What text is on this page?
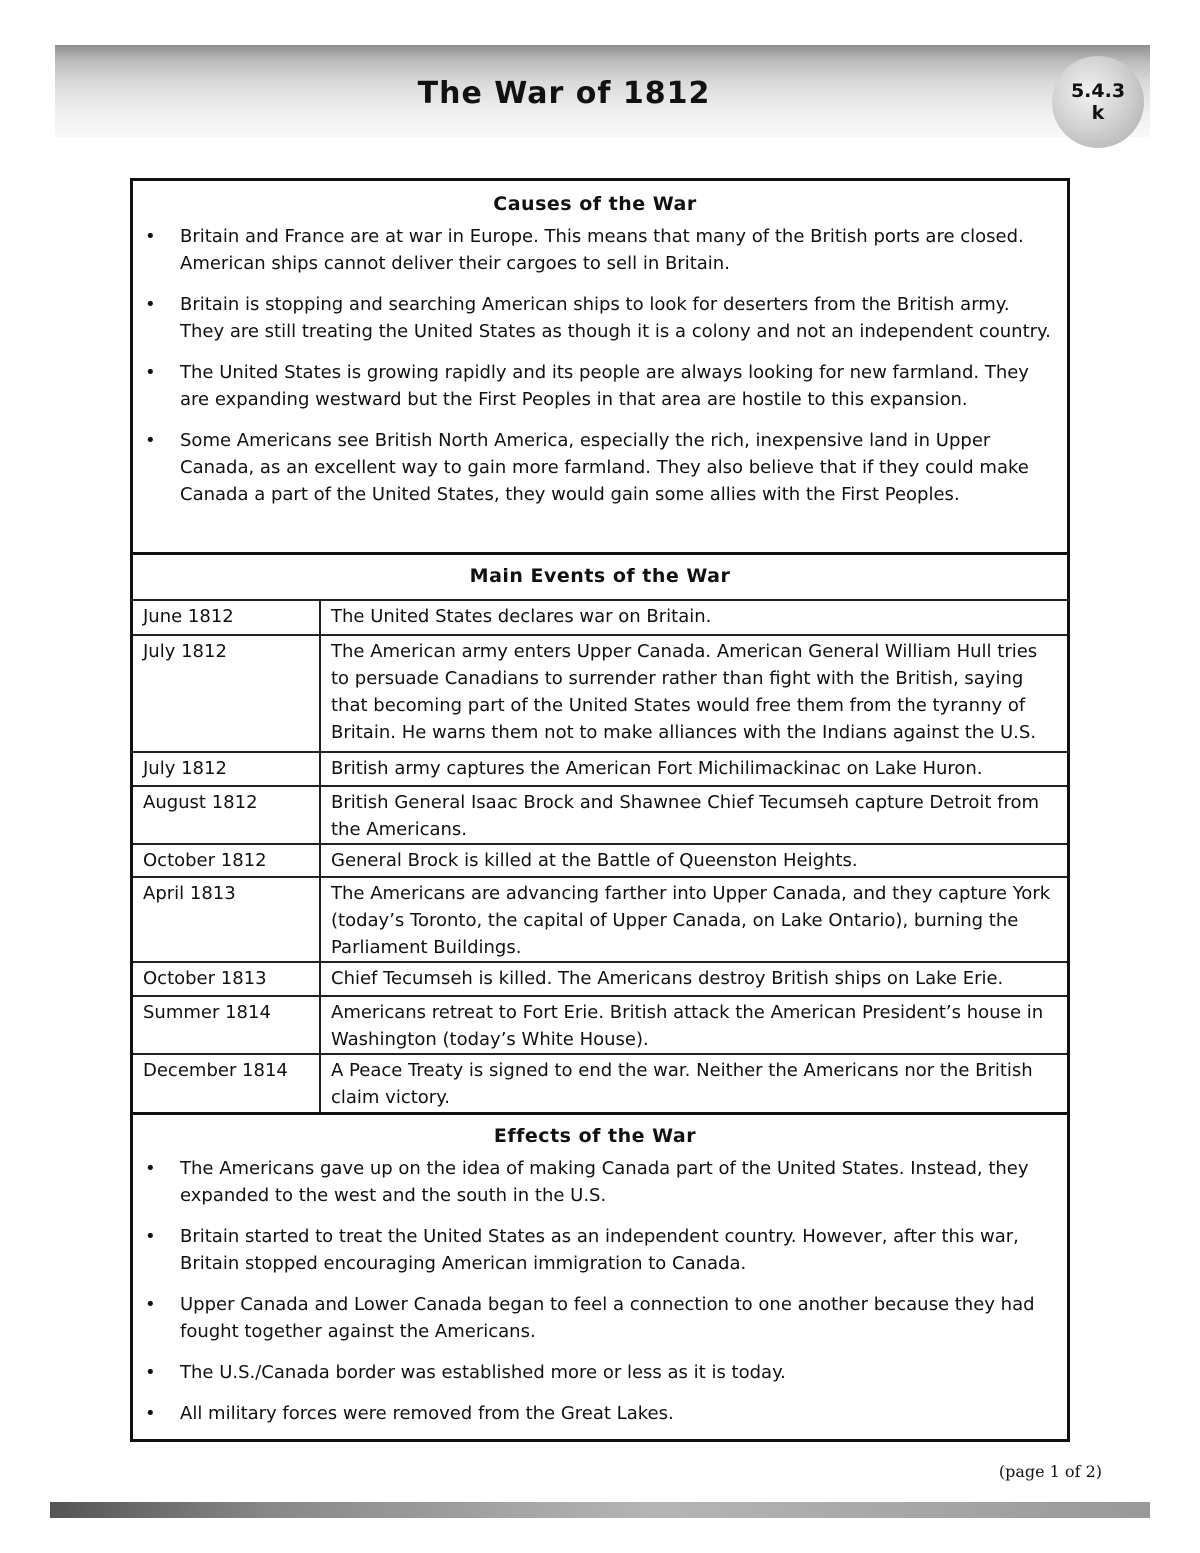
The War of 1812	5.4.3
k
Causes of the War
• Britain and France are at war in Europe. This means that many of the British ports are closed. American ships cannot deliver their cargoes to sell in Britain.
• Britain is stopping and searching American ships to look for deserters from the British army. They are still treating the United States as though it is a colony and not an independent country.
• The United States is growing rapidly and its people are always looking for new farmland. They are expanding westward but the First Peoples in that area are hostile to this expansion.
• Some Americans see British North America, especially the rich, inexpensive land in Upper Canada, as an excellent way to gain more farmland. They also believe that if they could make Canada a part of the United States, they would gain some allies with the First Peoples.
Main Events of the War
June 1812	The United States declares war on Britain.
July 1812	The American army enters Upper Canada. American General William Hull tries to persuade Canadians to surrender rather than fight with the British, saying that becoming part of the United States would free them from the tyranny of Britain. He warns them not to make alliances with the Indians against the U.S.
July 1812	British army captures the American Fort Michilimackinac on Lake Huron.
August 1812	British General Isaac Brock and Shawnee Chief Tecumseh capture Detroit from the Americans.
October 1812	General Brock is killed at the Battle of Queenston Heights.
April 1813	The Americans are advancing farther into Upper Canada, and they capture York (today’s Toronto, the capital of Upper Canada, on Lake Ontario), burning the Parliament Buildings.
October 1813	Chief Tecumseh is killed. The Americans destroy British ships on Lake Erie.
Summer 1814	Americans retreat to Fort Erie. British attack the American President’s house in Washington (today’s White House).
December 1814	A Peace Treaty is signed to end the war. Neither the Americans nor the British claim victory.
Effects of the War
• The Americans gave up on the idea of making Canada part of the United States. Instead, they expanded to the west and the south in the U.S.
• Britain started to treat the United States as an independent country. However, after this war, Britain stopped encouraging American immigration to Canada.
• Upper Canada and Lower Canada began to feel a connection to one another because they had fought together against the Americans.
• The U.S./Canada border was established more or less as it is today.
• All military forces were removed from the Great Lakes.
(page 1 of 2)
